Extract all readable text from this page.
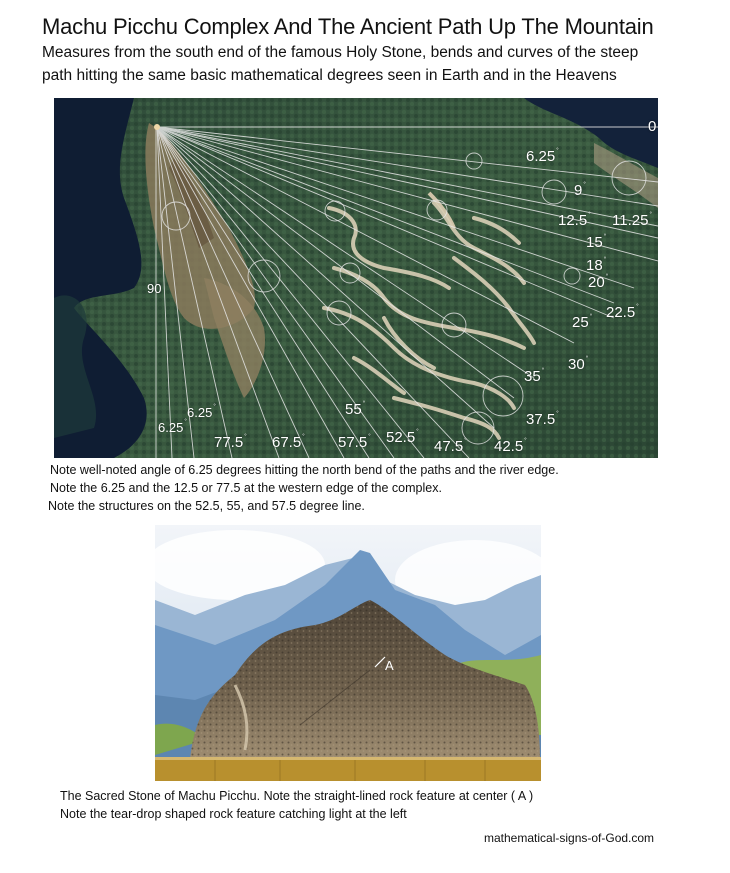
Machu Picchu Complex And The Ancient Path Up The Mountain
Measures from the south end of the famous Holy Stone, bends and curves of the steep
path hitting the same basic mathematical degrees seen in Earth and in the Heavens
0
6.25°
9°
12.5° 11.25°
15°
18°
20°
22.5°
25°
30°
35°
37.5°
42.5°
47.5°
52.5°
55°
57.5°
67.5°
77.5°
6.25°
6.25°
90
Note well-noted angle of 6.25 degrees hitting the north bend of the paths and the river edge.
Note the 6.25 and the 12.5 or 77.5 at the western edge of the complex.
Note the structures on the 52.5, 55, and 57.5 degree line.
A
The Sacred Stone of Machu Picchu. Note the straight-lined rock feature at center ( A )
Note the tear-drop shaped rock feature catching light at the left
mathematical-signs-of-God.com
